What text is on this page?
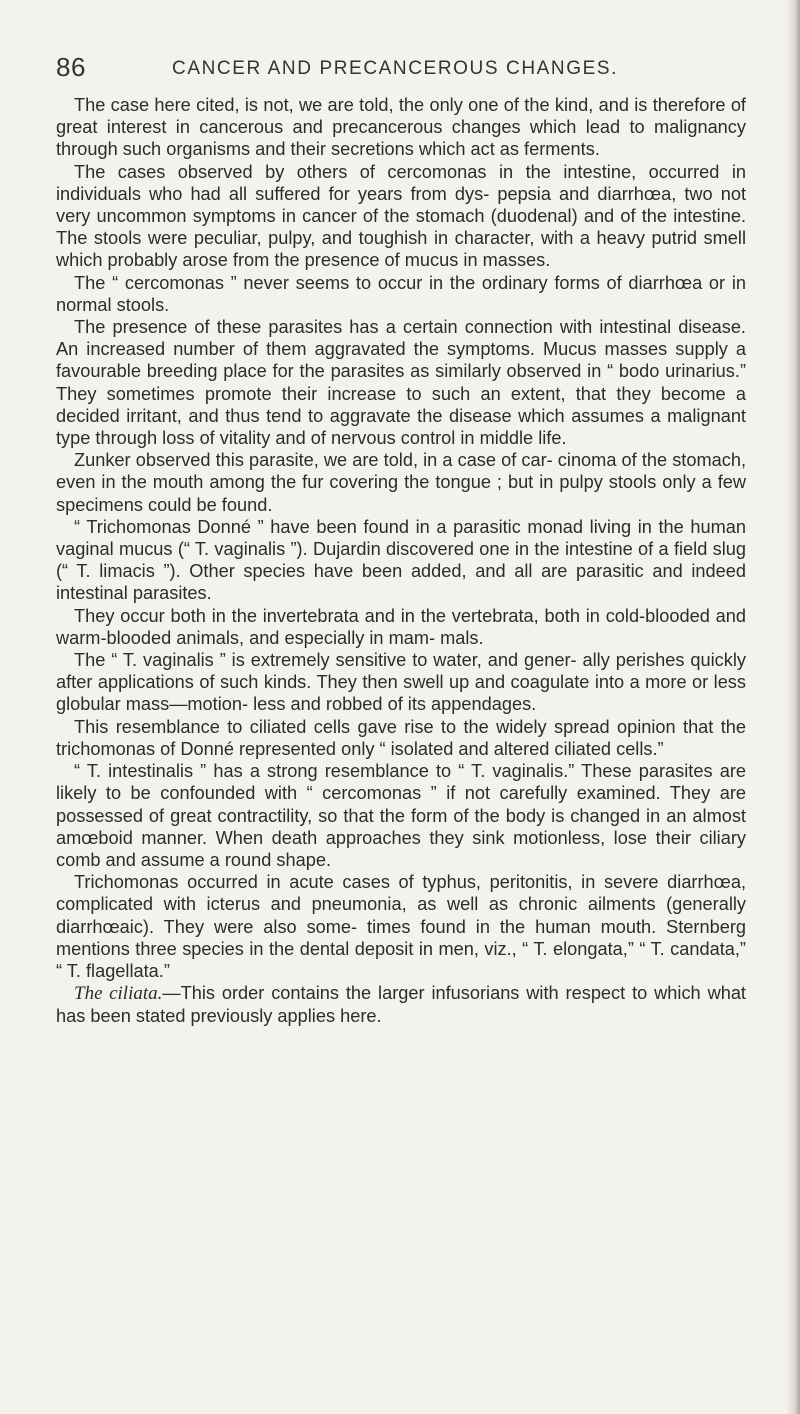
86	CANCER AND PRECANCEROUS CHANGES.

The case here cited, is not, we are told, the only one of the kind, and is therefore of great interest in cancerous and precancerous changes which lead to malignancy through such organisms and their secretions which act as ferments.

The cases observed by others of cercomonas in the intestine, occurred in individuals who had all suffered for years from dys- pepsia and diarrhœa, two not very uncommon symptoms in cancer of the stomach (duodenal) and of the intestine. The stools were peculiar, pulpy, and toughish in character, with a heavy putrid smell which probably arose from the presence of mucus in masses.

The “ cercomonas ” never seems to occur in the ordinary forms of diarrhœa or in normal stools.

The presence of these parasites has a certain connection with intestinal disease. An increased number of them aggravated the symptoms. Mucus masses supply a favourable breeding place for the parasites as similarly observed in “ bodo urinarius.” They sometimes promote their increase to such an extent, that they become a decided irritant, and thus tend to aggravate the disease which assumes a malignant type through loss of vitality and of nervous control in middle life.

Zunker observed this parasite, we are told, in a case of car- cinoma of the stomach, even in the mouth among the fur covering the tongue ; but in pulpy stools only a few specimens could be found.

“ Trichomonas Donné ” have been found in a parasitic monad living in the human vaginal mucus (“ T. vaginalis ”). Dujardin discovered one in the intestine of a field slug (“ T. limacis ”). Other species have been added, and all are parasitic and indeed intestinal parasites.

They occur both in the invertebrata and in the vertebrata, both in cold-blooded and warm-blooded animals, and especially in mam- mals.

The “ T. vaginalis ” is extremely sensitive to water, and gener- ally perishes quickly after applications of such kinds. They then swell up and coagulate into a more or less globular mass—motion- less and robbed of its appendages.

This resemblance to ciliated cells gave rise to the widely spread opinion that the trichomonas of Donné represented only “ isolated and altered ciliated cells.”

“ T. intestinalis ” has a strong resemblance to “ T. vaginalis.” These parasites are likely to be confounded with “ cercomonas ” if not carefully examined. They are possessed of great contractility, so that the form of the body is changed in an almost amœboid manner. When death approaches they sink motionless, lose their ciliary comb and assume a round shape.

Trichomonas occurred in acute cases of typhus, peritonitis, in severe diarrhœa, complicated with icterus and pneumonia, as well as chronic ailments (generally diarrhœaic). They were also some- times found in the human mouth. Sternberg mentions three species in the dental deposit in men, viz., “ T. elongata,” “ T. candata,” “ T. flagellata.”

The ciliata.—This order contains the larger infusorians with respect to which what has been stated previously applies here.
